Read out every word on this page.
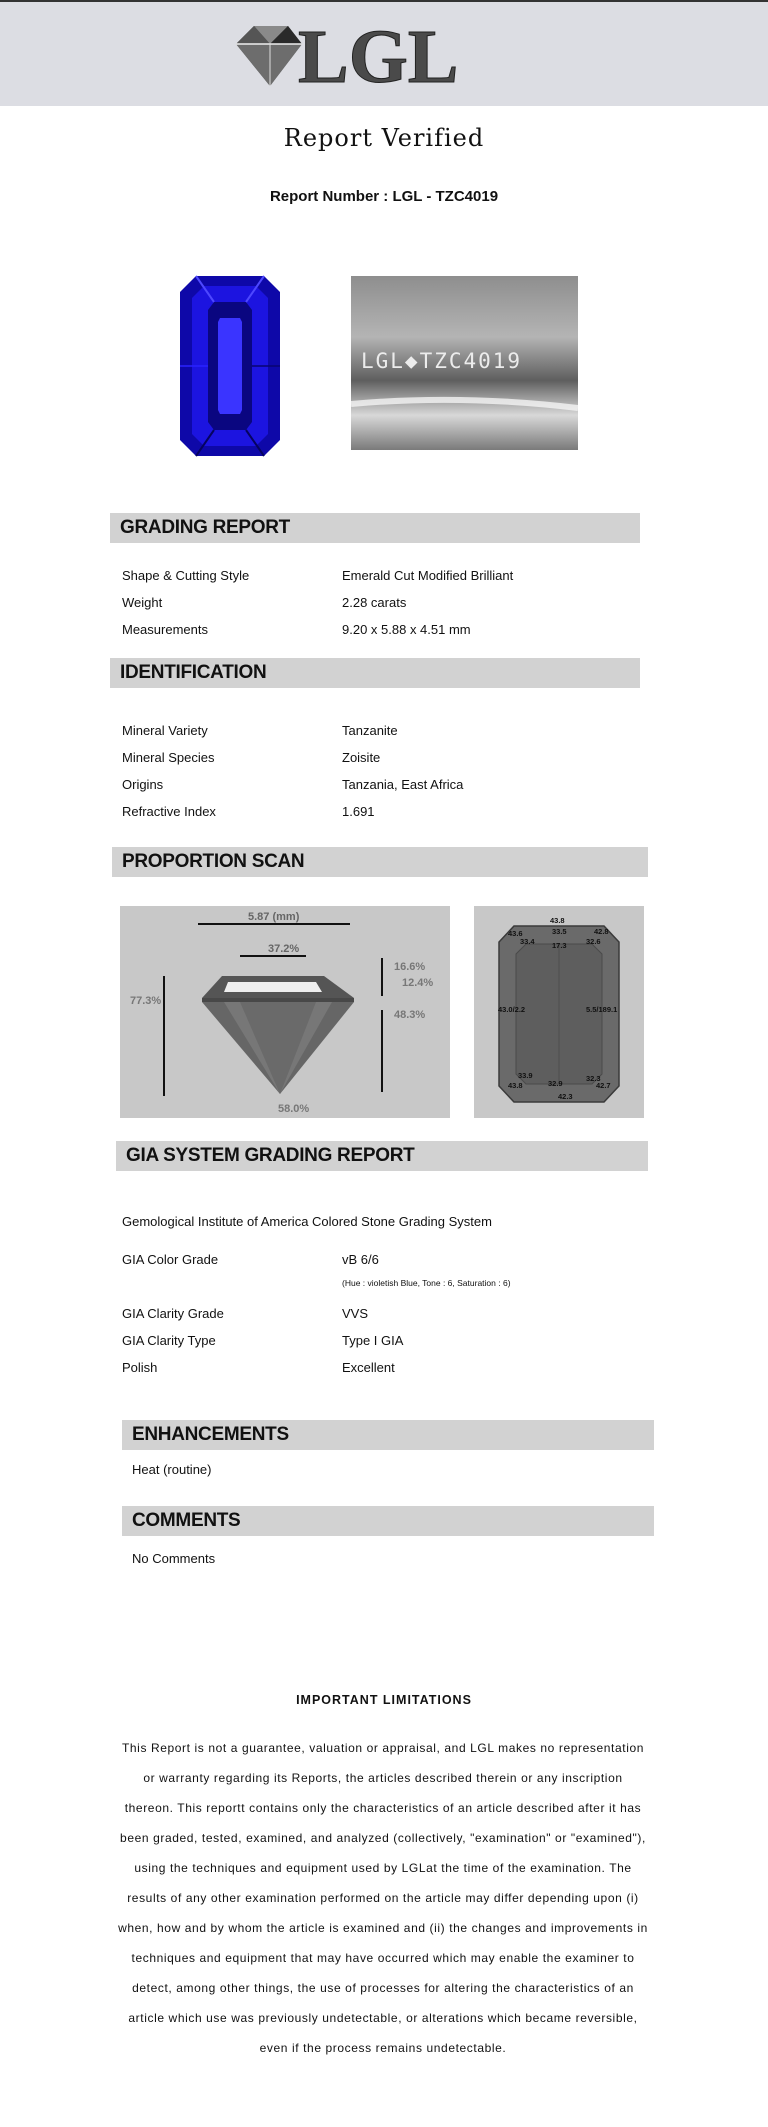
LGL
Report Verified
Report Number : LGL - TZC4019
LGL◆TZC4019
GRADING REPORT
Shape & Cutting Style	Emerald Cut Modified Brilliant
Weight	2.28 carats
Measurements	9.20 x 5.88 x 4.51 mm
IDENTIFICATION
Mineral Variety	Tanzanite
Mineral Species	Zoisite
Origins	Tanzania, East Africa
Refractive Index	1.691
PROPORTION SCAN
5.87 (mm)
37.2%
77.3%
16.6%
12.4%
48.3%
58.0%
43.8
33.5
17.3
43.6
33.4
42.8
32.6
43.0/2.2	5.5/189.1
33.9
43.8	32.9
42.3
32.3
42.7
GIA SYSTEM GRADING REPORT
Gemological Institute of America Colored Stone Grading System
GIA Color Grade	vB 6/6
(Hue : violetish Blue, Tone : 6, Saturation : 6)
GIA Clarity Grade	VVS
GIA Clarity Type	Type I GIA
Polish	Excellent
ENHANCEMENTS
Heat (routine)
COMMENTS
No Comments
IMPORTANT LIMITATIONS
This Report is not a guarantee, valuation or appraisal, and LGL makes no representation or warranty regarding its Reports, the articles described therein or any inscription thereon. This reportt contains only the characteristics of an article described after it has been graded, tested, examined, and analyzed (collectively, "examination" or "examined"), using the techniques and equipment used by LGLat the time of the examination. The results of any other examination performed on the article may differ depending upon (i) when, how and by whom the article is examined and (ii) the changes and improvements in techniques and equipment that may have occurred which may enable the examiner to detect, among other things, the use of processes for altering the characteristics of an article which use was previously undetectable, or alterations which became reversible, even if the process remains undetectable.
